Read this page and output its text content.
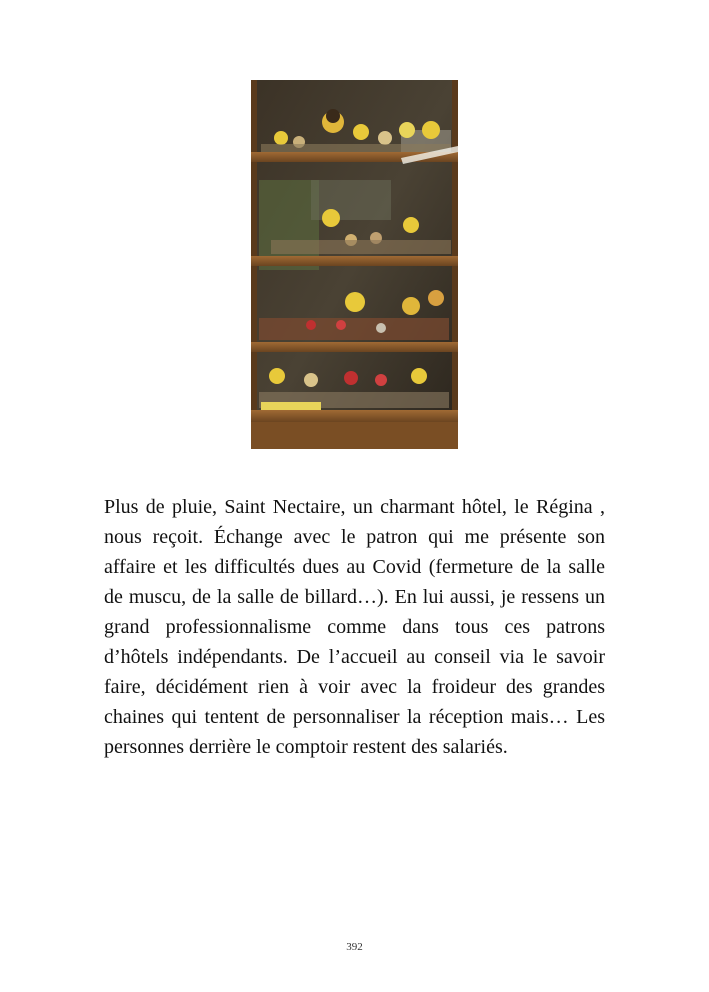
Plus de pluie, Saint Nectaire, un charmant hôtel, le Régina , nous reçoit. Échange avec le patron qui me présente son affaire et les difficultés dues au Covid (fermeture de la salle de muscu, de la salle de billard…). En lui aussi, je ressens un grand professionnalisme comme dans tous ces patrons d’hôtels indépendants. De l’accueil au conseil via le savoir faire, décidément rien à voir avec la froideur des grandes chaines qui tentent de personnaliser la réception mais… Les personnes derrière le comptoir restent des salariés.

392
